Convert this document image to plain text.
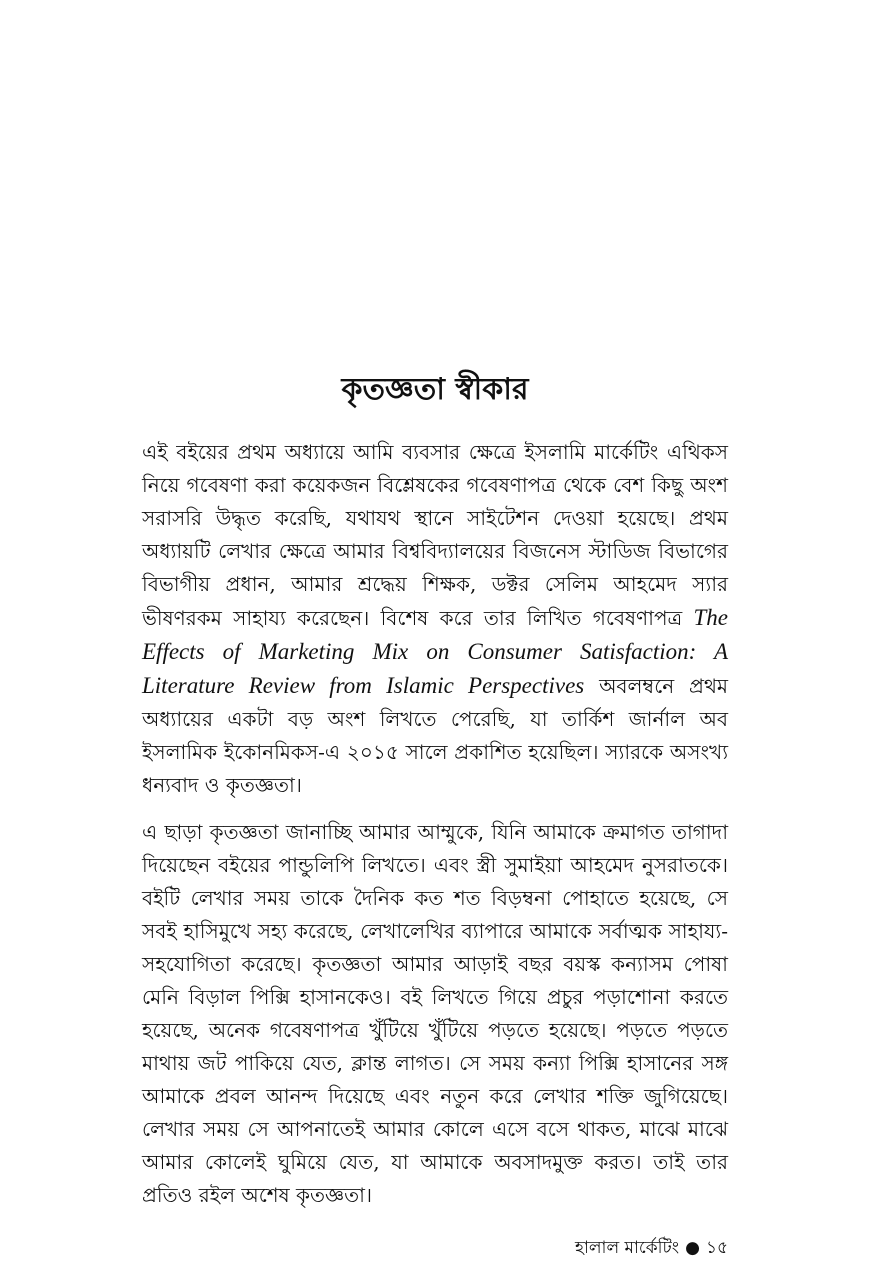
কৃতজ্ঞতা স্বীকার

এই বইয়ের প্রথম অধ্যায়ে আমি ব্যবসার ক্ষেত্রে ইসলামি মার্কেটিং এথিকস নিয়ে গবেষণা করা কয়েকজন বিশ্লেষকের গবেষণাপত্র থেকে বেশ কিছু অংশ সরাসরি উদ্ধৃত করেছি, যথাযথ স্থানে সাইটেশন দেওয়া হয়েছে। প্রথম অধ্যায়টি লেখার ক্ষেত্রে আমার বিশ্ববিদ্যালয়ের বিজনেস স্টাডিজ বিভাগের বিভাগীয় প্রধান, আমার শ্রদ্ধেয় শিক্ষক, ডক্টর সেলিম আহমেদ স্যার ভীষণরকম সাহায্য করেছেন। বিশেষ করে তার লিখিত গবেষণাপত্র The Effects of Marketing Mix on Consumer Satisfaction: A Literature Review from Islamic Perspectives অবলম্বনে প্রথম অধ্যায়ের একটা বড় অংশ লিখতে পেরেছি, যা তার্কিশ জার্নাল অব ইসলামিক ইকোনমিকস-এ ২০১৫ সালে প্রকাশিত হয়েছিল। স্যারকে অসংখ্য ধন্যবাদ ও কৃতজ্ঞতা।

এ ছাড়া কৃতজ্ঞতা জানাচ্ছি আমার আম্মুকে, যিনি আমাকে ক্রমাগত তাগাদা দিয়েছেন বইয়ের পান্ডুলিপি লিখতে। এবং স্ত্রী সুমাইয়া আহমেদ নুসরাতকে। বইটি লেখার সময় তাকে দৈনিক কত শত বিড়ম্বনা পোহাতে হয়েছে, সে সবই হাসিমুখে সহ্য করেছে, লেখালেখির ব্যাপারে আমাকে সর্বাত্মক সাহায্য-সহযোগিতা করেছে। কৃতজ্ঞতা আমার আড়াই বছর বয়স্ক কন্যাসম পোষা মেনি বিড়াল পিক্সি হাসানকেও। বই লিখতে গিয়ে প্রচুর পড়াশোনা করতে হয়েছে, অনেক গবেষণাপত্র খুঁটিয়ে খুঁটিয়ে পড়তে হয়েছে। পড়তে পড়তে মাথায় জট পাকিয়ে যেত, ক্লান্ত লাগত। সে সময় কন্যা পিক্সি হাসানের সঙ্গ আমাকে প্রবল আনন্দ দিয়েছে এবং নতুন করে লেখার শক্তি জুগিয়েছে। লেখার সময় সে আপনাতেই আমার কোলে এসে বসে থাকত, মাঝে মাঝে আমার কোলেই ঘুমিয়ে যেত, যা আমাকে অবসাদমুক্ত করত। তাই তার প্রতিও রইল অশেষ কৃতজ্ঞতা।

হালাল মার্কেটিং ● ১৫
